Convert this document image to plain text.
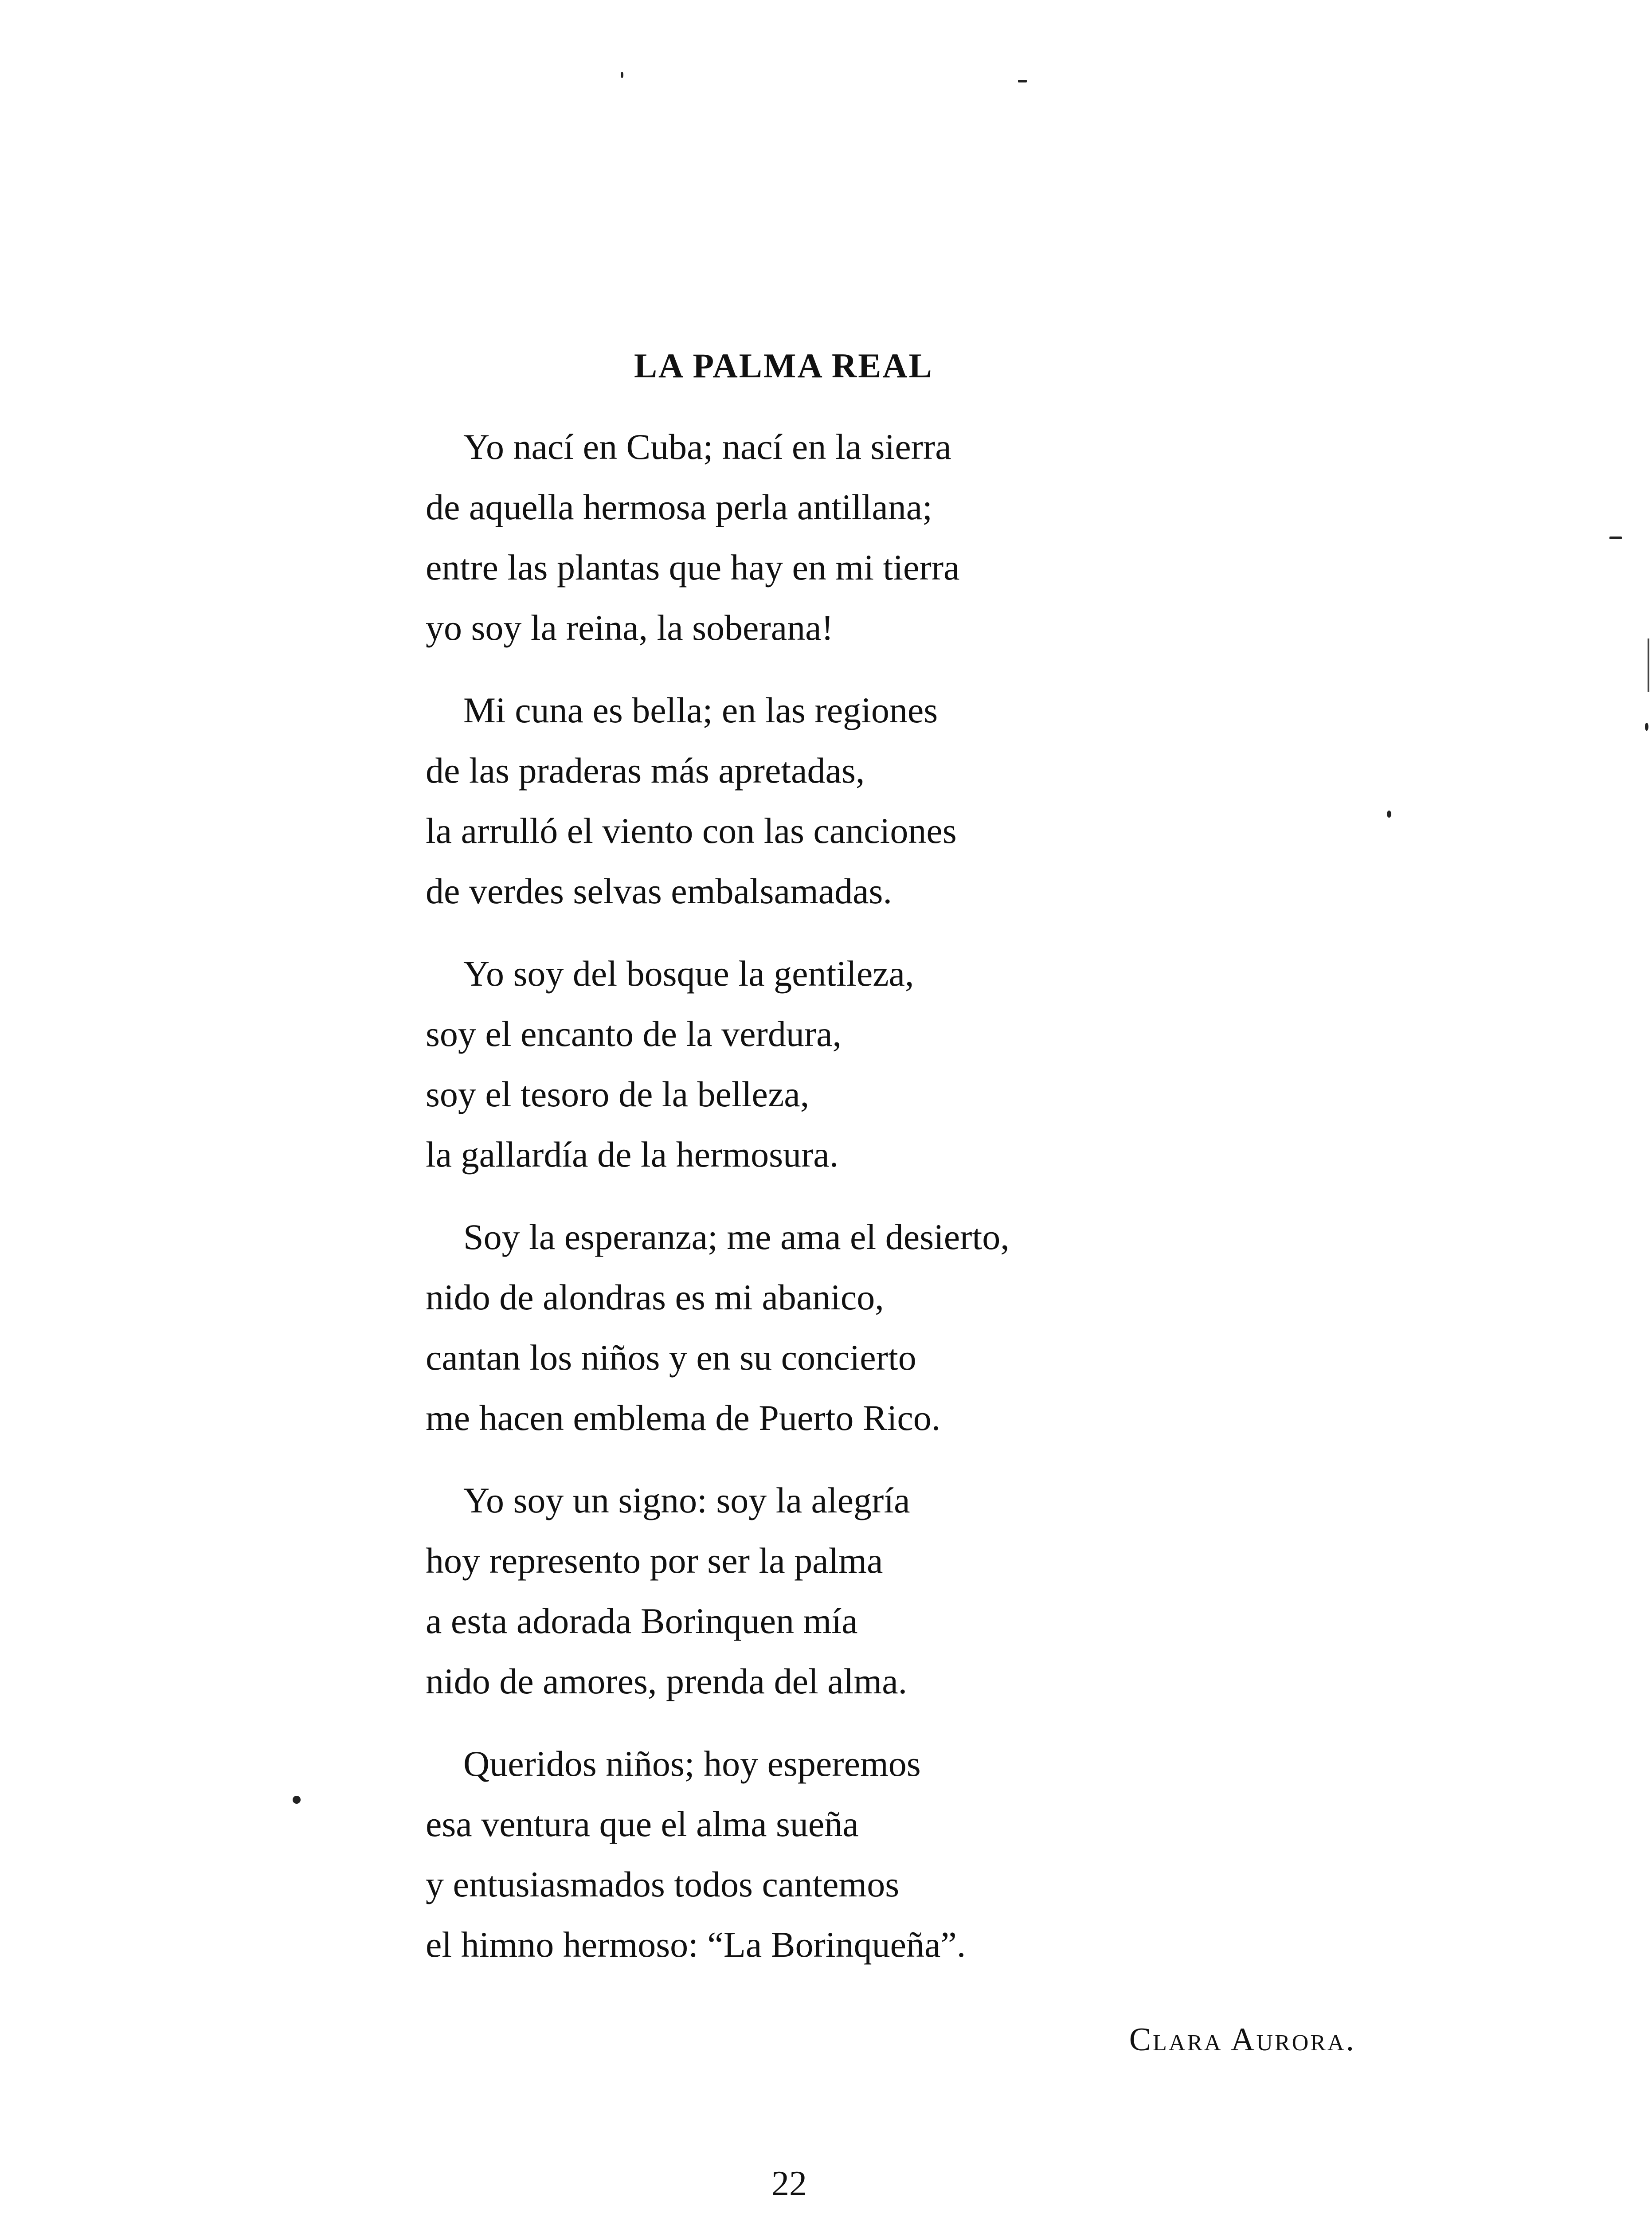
LA PALMA REAL
Yo nací en Cuba; nací en la sierra
de aquella hermosa perla antillana;
entre las plantas que hay en mi tierra
yo soy la reina, la soberana!
Mi cuna es bella; en las regiones
de las praderas más apretadas,
la arrulló el viento con las canciones
de verdes selvas embalsamadas.
Yo soy del bosque la gentileza,
soy el encanto de la verdura,
soy el tesoro de la belleza,
la gallardía de la hermosura.
Soy la esperanza; me ama el desierto,
nido de alondras es mi abanico,
cantan los niños y en su concierto
me hacen emblema de Puerto Rico.
Yo soy un signo: soy la alegría
hoy represento por ser la palma
a esta adorada Borinquen mía
nido de amores, prenda del alma.
Queridos niños; hoy esperemos
esa ventura que el alma sueña
y entusiasmados todos cantemos
el himno hermoso: “La Borinqueña”.
Clara Aurora.
22
